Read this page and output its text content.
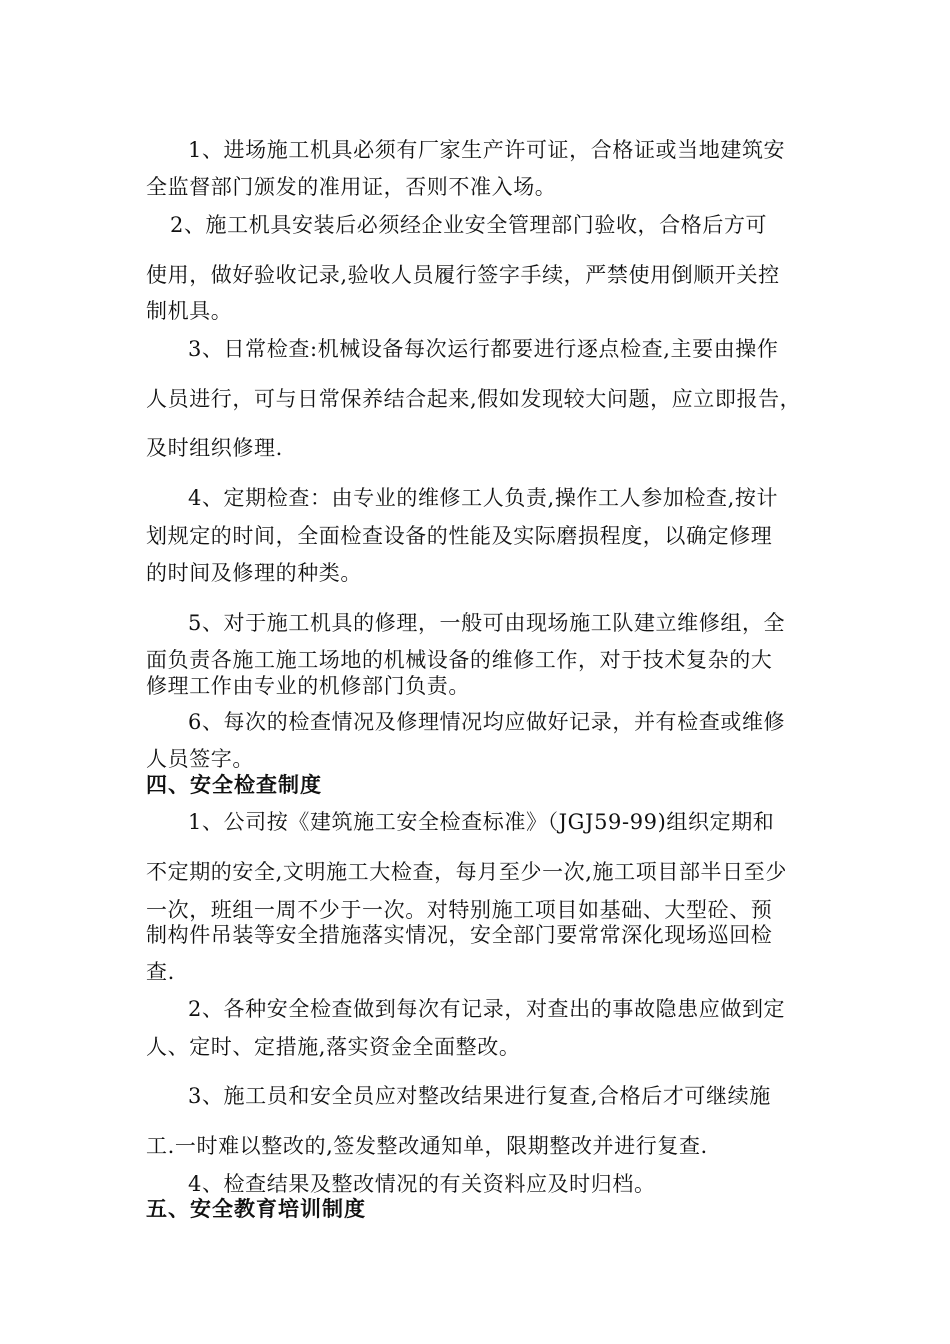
1、进场施工机具必须有厂家生产许可证，合格证或当地建筑安
全监督部门颁发的准用证，否则不准入场。
2、施工机具安装后必须经企业安全管理部门验收，合格后方可
使用，做好验收记录,验收人员履行签字手续，严禁使用倒顺开关控
制机具。
3、日常检查:机械设备每次运行都要进行逐点检查,主要由操作
人员进行，可与日常保养结合起来,假如发现较大问题，应立即报告，
及时组织修理.
4、定期检查：由专业的维修工人负责,操作工人参加检查,按计
划规定的时间，全面检查设备的性能及实际磨损程度，以确定修理
的时间及修理的种类。
5、对于施工机具的修理，一般可由现场施工队建立维修组，全
面负责各施工施工场地的机械设备的维修工作，对于技术复杂的大
修理工作由专业的机修部门负责。
6、每次的检查情况及修理情况均应做好记录，并有检查或维修
人员签字。
四、安全检查制度
1、公司按《建筑施工安全检查标准》（JGJ59-99)组织定期和
不定期的安全,文明施工大检查，每月至少一次,施工项目部半日至少
一次，班组一周不少于一次。对特别施工项目如基础、大型砼、预
制构件吊装等安全措施落实情况，安全部门要常常深化现场巡回检
查.
2、各种安全检查做到每次有记录，对查出的事故隐患应做到定
人、定时、定措施,落实资金全面整改。
3、施工员和安全员应对整改结果进行复查,合格后才可继续施
工.一时难以整改的,签发整改通知单，限期整改并进行复查.
4、检查结果及整改情况的有关资料应及时归档。
五、安全教育培训制度
